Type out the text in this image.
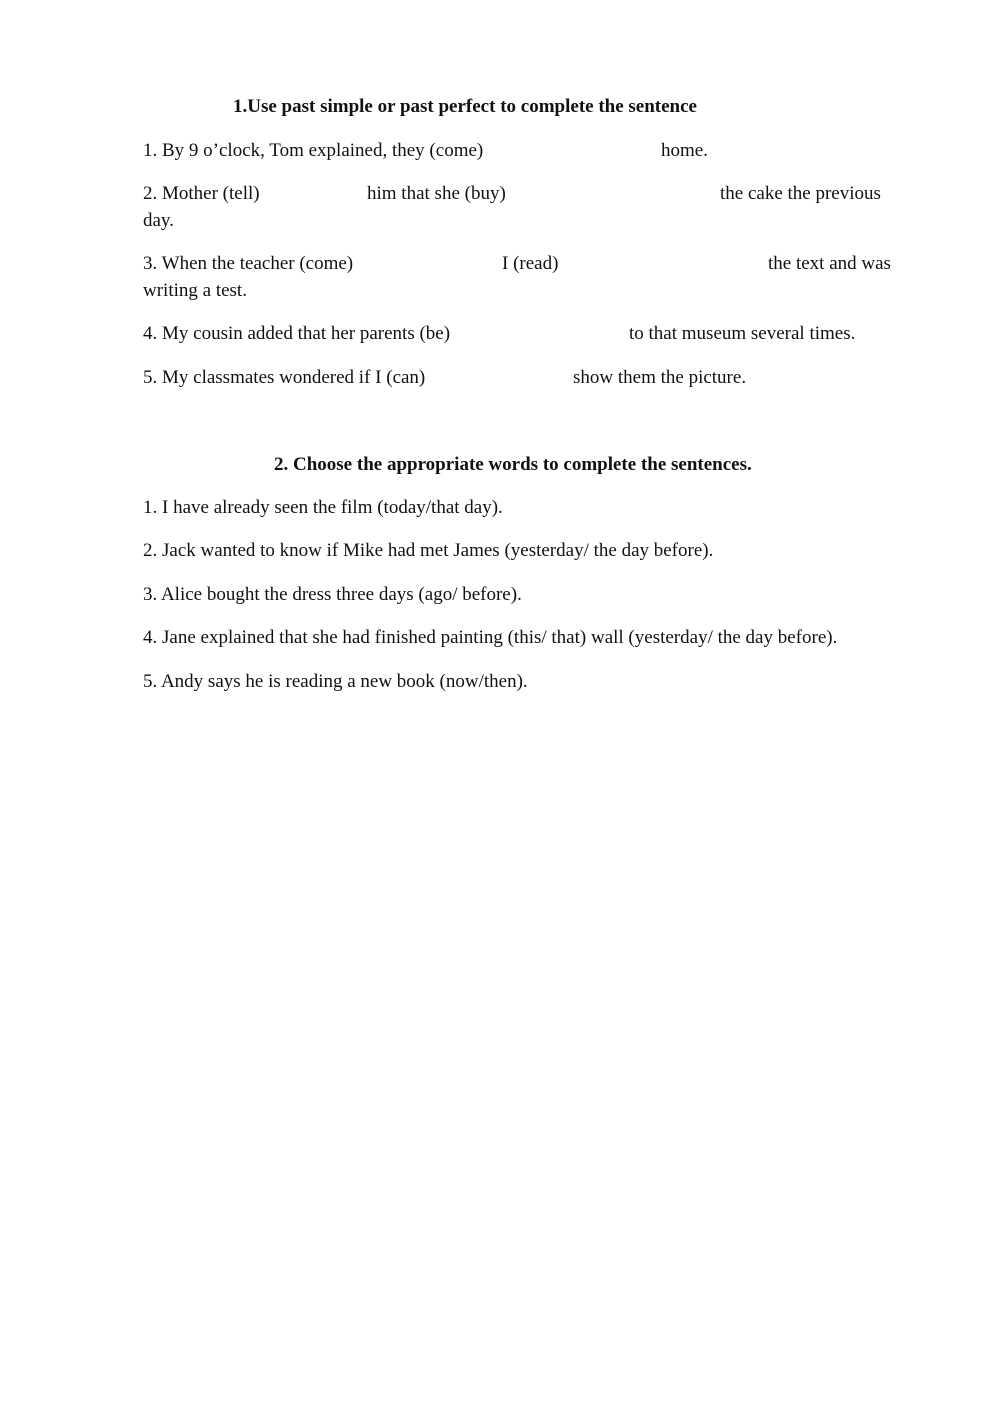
1.Use past simple or past perfect to complete the sentence
1. By 9 o’clock, Tom explained, they (come)	home.
2. Mother (tell)	him that she (buy)	the cake the previous
day.
3. When the teacher (come)	I (read)	the text and was
writing a test.
4. My cousin added that her parents (be)	to that museum several times.
5. My classmates wondered if I (can)	show them the picture.
2. Choose the appropriate words to complete the sentences.
1. I have already seen the film (today/that day).
2. Jack wanted to know if Mike had met James (yesterday/ the day before).
3. Alice bought the dress three days (ago/ before).
4. Jane explained that she had finished painting (this/ that) wall (yesterday/ the day before).
5. Andy says he is reading a new book (now/then).
